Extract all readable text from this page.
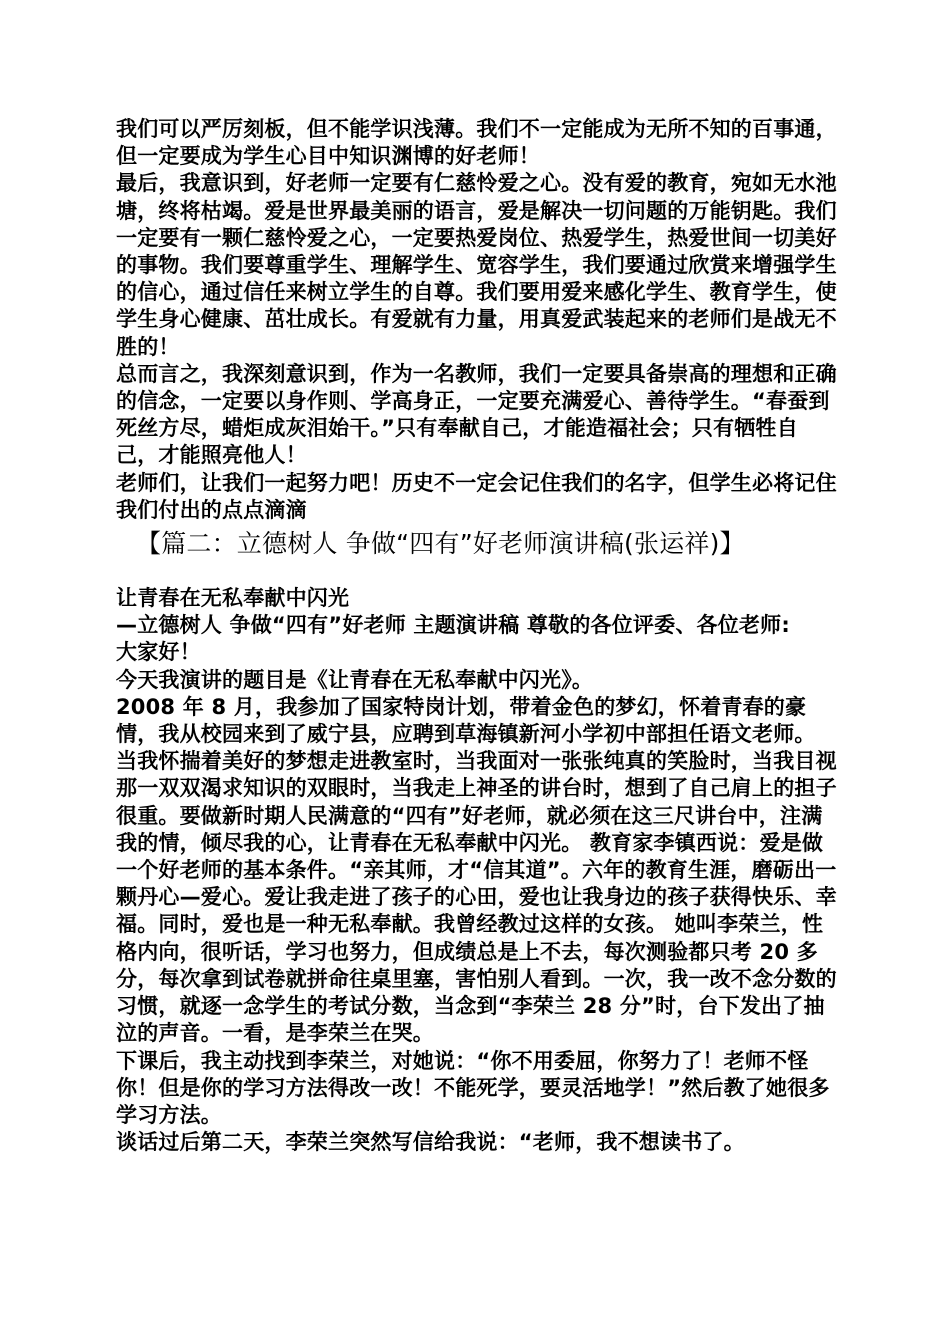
我们可以严厉刻板，但不能学识浅薄。我们不一定能成为无所不知的百事通，但一定要成为学生心目中知识渊博的好老师！

最后，我意识到，好老师一定要有仁慈怜爱之心。没有爱的教育，宛如无水池塘，终将枯竭。爱是世界最美丽的语言，爱是解决一切问题的万能钥匙。我们一定要有一颗仁慈怜爱之心，一定要热爱岗位、热爱学生，热爱世间一切美好的事物。我们要尊重学生、理解学生、宽容学生，我们要通过欣赏来增强学生的信心，通过信任来树立学生的自尊。我们要用爱来感化学生、教育学生，使学生身心健康、茁壮成长。有爱就有力量，用真爱武装起来的老师们是战无不胜的！

总而言之，我深刻意识到，作为一名教师，我们一定要具备崇高的理想和正确的信念，一定要以身作则、学高身正，一定要充满爱心、善待学生。“春蚕到死丝方尽，蜡炬成灰泪始干。”只有奉献自己，才能造福社会；只有牺牲自己，才能照亮他人！

老师们，让我们一起努力吧！历史不一定会记住我们的名字，但学生必将记住我们付出的点点滴滴

【篇二：立德树人 争做“四有”好老师演讲稿(张运祥)】

让青春在无私奉献中闪光

—立德树人 争做“四有”好老师 主题演讲稿 尊敬的各位评委、各位老师:

大家好！

今天我演讲的题目是《让青春在无私奉献中闪光》。

2008 年 8 月，我参加了国家特岗计划，带着金色的梦幻，怀着青春的豪情，我从校园来到了威宁县，应聘到草海镇新河小学初中部担任语文老师。 当我怀揣着美好的梦想走进教室时，当我面对一张张纯真的笑脸时，当我目视那一双双渴求知识的双眼时，当我走上神圣的讲台时，想到了自己肩上的担子很重。要做新时期人民满意的“四有”好老师，就必须在这三尺讲台中，注满我的情，倾尽我的心，让青春在无私奉献中闪光。 教育家李镇西说：爱是做一个好老师的基本条件。“亲其师，才“信其道”。六年的教育生涯，磨砺出一颗丹心—爱心。爱让我走进了孩子的心田，爱也让我身边的孩子获得快乐、幸福。同时，爱也是一种无私奉献。我曾经教过这样的女孩。 她叫李荣兰，性格内向，很听话，学习也努力，但成绩总是上不去，每次测验都只考 20 多分，每次拿到试卷就拼命往桌里塞，害怕别人看到。一次，我一改不念分数的习惯，就逐一念学生的考试分数，当念到“李荣兰 28 分”时，台下发出了抽泣的声音。一看，是李荣兰在哭。

下课后，我主动找到李荣兰，对她说：“你不用委屈，你努力了！老师不怪你！但是你的学习方法得改一改！不能死学，要灵活地学！”然后教了她很多学习方法。

谈话过后第二天，李荣兰突然写信给我说：“老师，我不想读书了。
